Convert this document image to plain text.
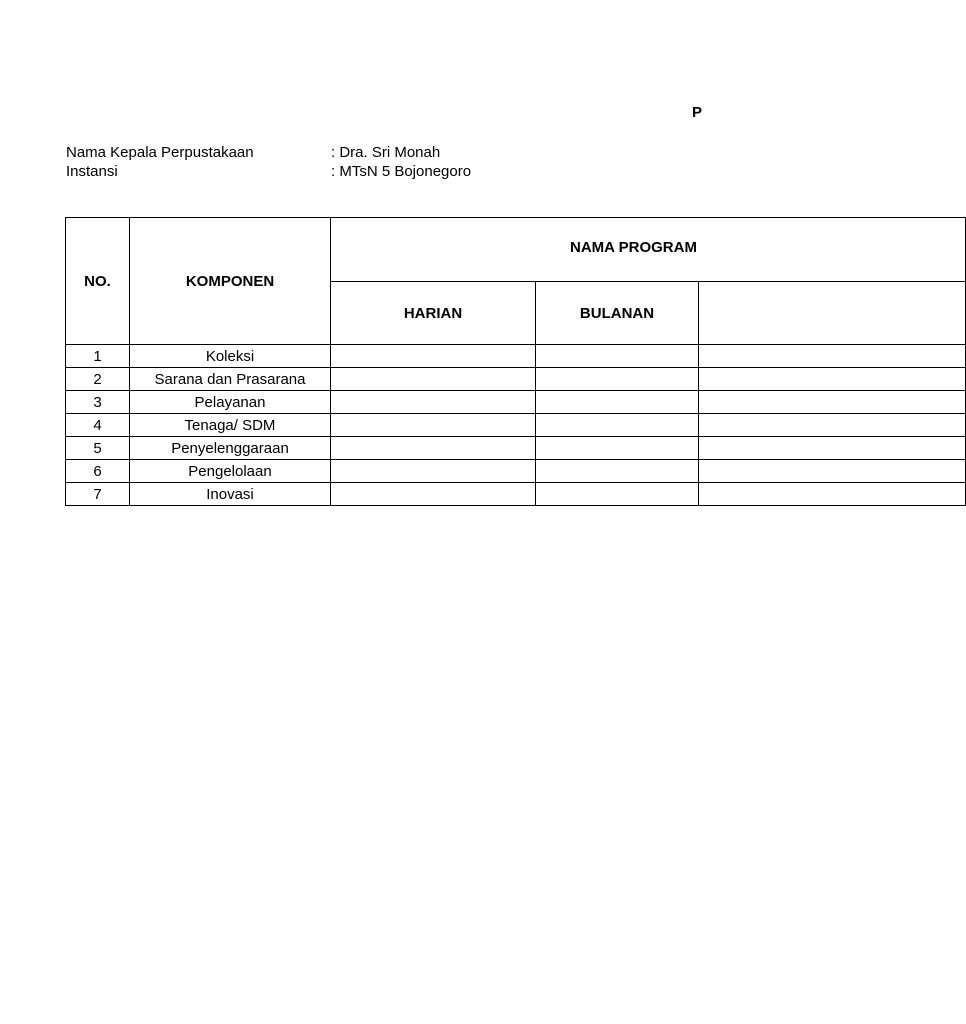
P
Nama Kepala Perpustakaan	: Dra. Sri Monah
Instansi	: MTsN 5 Bojonegoro
NO.	KOMPONEN	NAMA PROGRAM		
		HARIAN	BULANAN	
1	Koleksi			
2	Sarana dan Prasarana			
3	Pelayanan			
4	Tenaga/ SDM			
5	Penyelenggaraan			
6	Pengelolaan			
7	Inovasi			
